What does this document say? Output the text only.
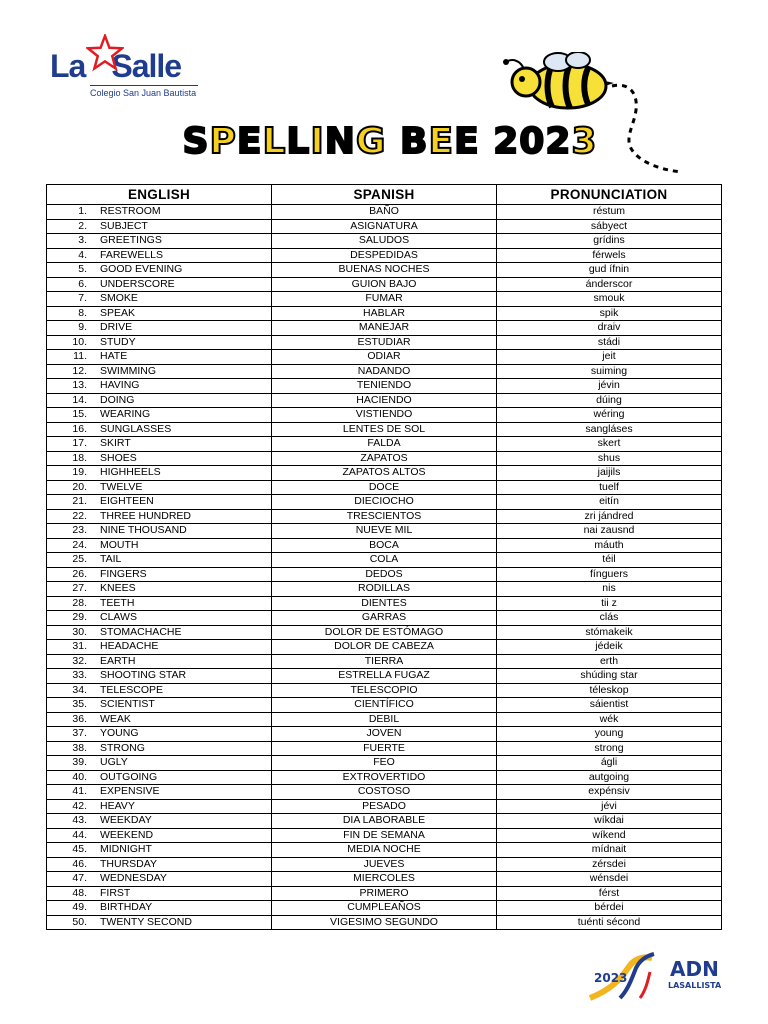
La Salle
Colegio San Juan Bautista
SPELLING BEE 2023
ENGLISH	SPANISH	PRONUNCIATION
1. RESTROOM	BAÑO	réstum
2. SUBJECT	ASIGNATURA	sábyect
3. GREETINGS	SALUDOS	grídins
4. FAREWELLS	DESPEDIDAS	férwels
5. GOOD EVENING	BUENAS NOCHES	gud ífnin
6. UNDERSCORE	GUION BAJO	ánderscor
7. SMOKE	FUMAR	smouk
8. SPEAK	HABLAR	spik
9. DRIVE	MANEJAR	draiv
10. STUDY	ESTUDIAR	stádi
11. HATE	ODIAR	jeit
12. SWIMMING	NADANDO	suiming
13. HAVING	TENIENDO	jévin
14. DOING	HACIENDO	dúing
15. WEARING	VISTIENDO	wéring
16. SUNGLASSES	LENTES DE SOL	sangláses
17. SKIRT	FALDA	skert
18. SHOES	ZAPATOS	shus
19. HIGHHEELS	ZAPATOS ALTOS	jaijils
20. TWELVE	DOCE	tuelf
21. EIGHTEEN	DIECIOCHO	eitín
22. THREE HUNDRED	TRESCIENTOS	zri jándred
23. NINE THOUSAND	NUEVE MIL	nai zausnd
24. MOUTH	BOCA	máuth
25. TAIL	COLA	téil
26. FINGERS	DEDOS	fínguers
27. KNEES	RODILLAS	nis
28. TEETH	DIENTES	tii z
29. CLAWS	GARRAS	clás
30. STOMACHACHE	DOLOR DE ESTÓMAGO	stómakeik
31. HEADACHE	DOLOR DE CABEZA	jédeik
32. EARTH	TIERRA	erth
33. SHOOTING STAR	ESTRELLA FUGAZ	shúding star
34. TELESCOPE	TELESCOPIO	téleskop
35. SCIENTIST	CIENTÍFICO	sáientist
36. WEAK	DEBIL	wék
37. YOUNG	JOVEN	young
38. STRONG	FUERTE	strong
39. UGLY	FEO	ágli
40. OUTGOING	EXTROVERTIDO	autgoing
41. EXPENSIVE	COSTOSO	expénsiv
42. HEAVY	PESADO	jévi
43. WEEKDAY	DIA LABORABLE	wíkdai
44. WEEKEND	FIN DE SEMANA	wíkend
45. MIDNIGHT	MEDIA NOCHE	mídnait
46. THURSDAY	JUEVES	zérsdei
47. WEDNESDAY	MIERCOLES	wénsdei
48. FIRST	PRIMERO	férst
49. BIRTHDAY	CUMPLEAÑOS	bérdei
50. TWENTY SECOND	VIGESIMO SEGUNDO	tuénti sécond
2023 ADN
LASALLISTA
